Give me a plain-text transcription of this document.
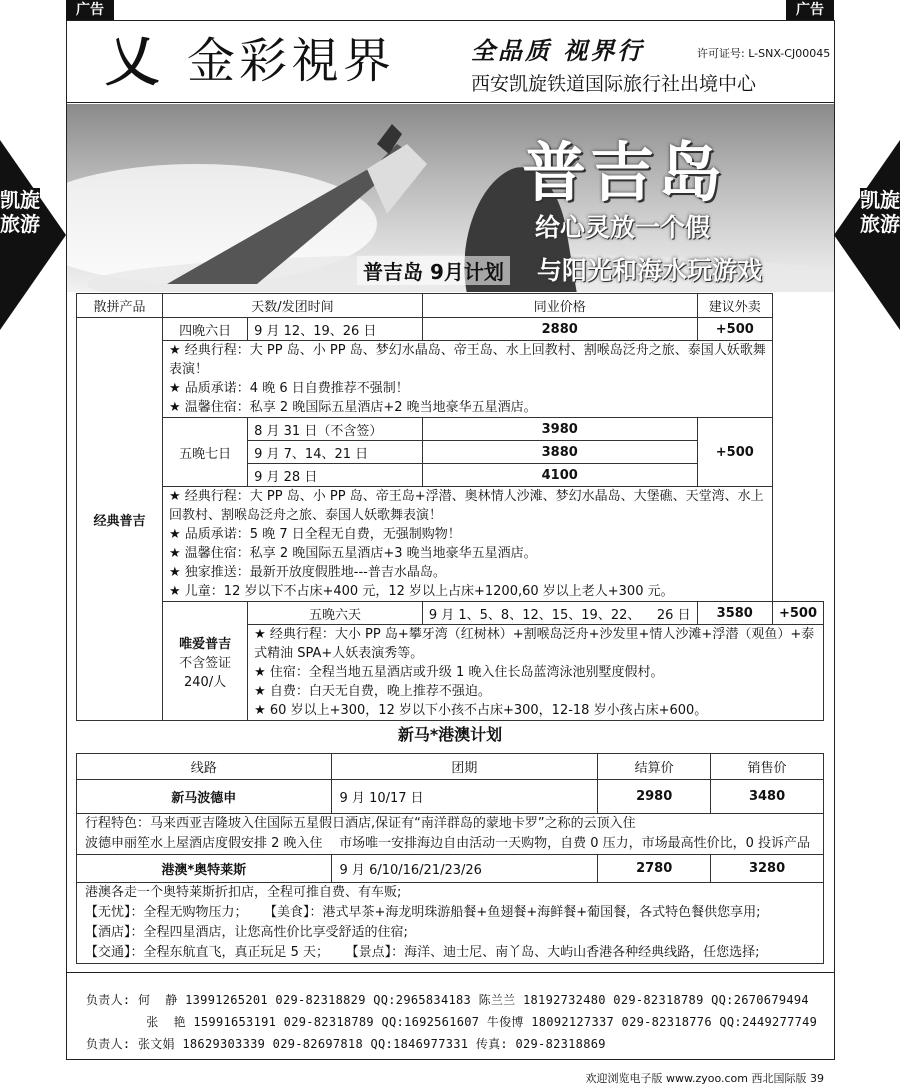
广告	广告
凯旋旅游
凯旋旅游
乂 金彩視界	全品质 视界行	许可证号: L-SNX-CJ00045
西安凯旋铁道国际旅行社出境中心
普吉岛
给心灵放一个假
与阳光和海水玩游戏
普吉岛 9月计划
散拼产品	天数/发团时间		同业价格	建议外卖	
经典普吉	四晚六日	9 月 12、19、26 日	2880	+500	

	★ 经典行程：大 PP 岛、小 PP 岛、梦幻水晶岛、帝王岛、水上回教村、割喉岛泛舟之旅、泰国人妖歌舞表演！
★ 品质承诺：4 晚 6 日自费推荐不强制！
★ 温馨住宿：私享 2 晚国际五星酒店+2 晚当地豪华五星酒店。				

	五晚七日	8 月 31 日（不含签）	3980	+500	
		9 月 7、14、21 日	3880		
		9 月 28 日	4100		

	★ 经典行程：大 PP 岛、小 PP 岛、帝王岛+浮潜、奥林情人沙滩、梦幻水晶岛、大堡礁、天堂湾、水上回教村、割喉岛泛舟之旅、泰国人妖歌舞表演！
★ 品质承诺：5 晚 7 日全程无自费，无强制购物！
★ 温馨住宿：私享 2 晚国际五星酒店+3 晚当地豪华五星酒店。
★ 独家推送：最新开放度假胜地---普吉水晶岛。
★ 儿童：12 岁以下不占床+400 元，12 岁以上占床+1200,60 岁以上老人+300 元。				

	唯爱普吉
不含签证 240/人	五晚六天	9 月 1、5、8、12、15、19、22、    26 日	3580	+500

		★ 经典行程：大小 PP 岛+攀牙湾（红树林）+割喉岛泛舟+沙发里+情人沙滩+浮潜（观鱼）+泰式精油 SPA+人妖表演秀等。
★ 住宿：全程当地五星酒店或升级 1 晚入住长岛蓝湾泳池别墅度假村。
★ 自费：白天无自费，晚上推荐不强迫。
★ 60 岁以上+300，12 岁以下小孩不占床+300，12-18 岁小孩占床+600。			
新马*港澳计划
线路	团期	结算价	销售价
新马波德申	9 月 10/17 日	2980	3480

行程特色：马来西亚吉隆坡入住国际五星假日酒店,保证有“南洋群岛的蒙地卡罗”之称的云顶入住
波德申丽笙水上屋酒店度假安排 2 晚入住    市场唯一安排海边自由活动一天购物，自费 0 压力，市场最高性价比，0 投诉产品			

港澳*奥特莱斯	9 月 6/10/16/21/23/26	2780	3280

港澳各走一个奥特莱斯折扣店，全程可推自费、有车贩;
【无忧】：全程无购物压力；    【美食】：港式早茶+海龙明珠游船餐+鱼翅餐+海鲜餐+葡国餐，各式特色餐供您享用;
【酒店】：全程四星酒店，让您高性价比享受舒适的住宿;
【交通】：全程东航直飞，真正玩足 5 天；    【景点】：海洋、迪士尼、南丫岛、大屿山香港各种经典线路，任您选择;			
负责人: 何  静 13991265201 029-82318829 QQ:2965834183 陈兰兰 18192732480 029-82318789 QQ:2670679494
张  艳 15991653191 029-82318789 QQ:1692561607 牛俊博 18092127337 029-82318776 QQ:2449277749
负责人: 张文娟 18629303339 029-82697818 QQ:1846977331 传真: 029-82318869
欢迎浏览电子版 www.zyoo.com 西北国际版 39
